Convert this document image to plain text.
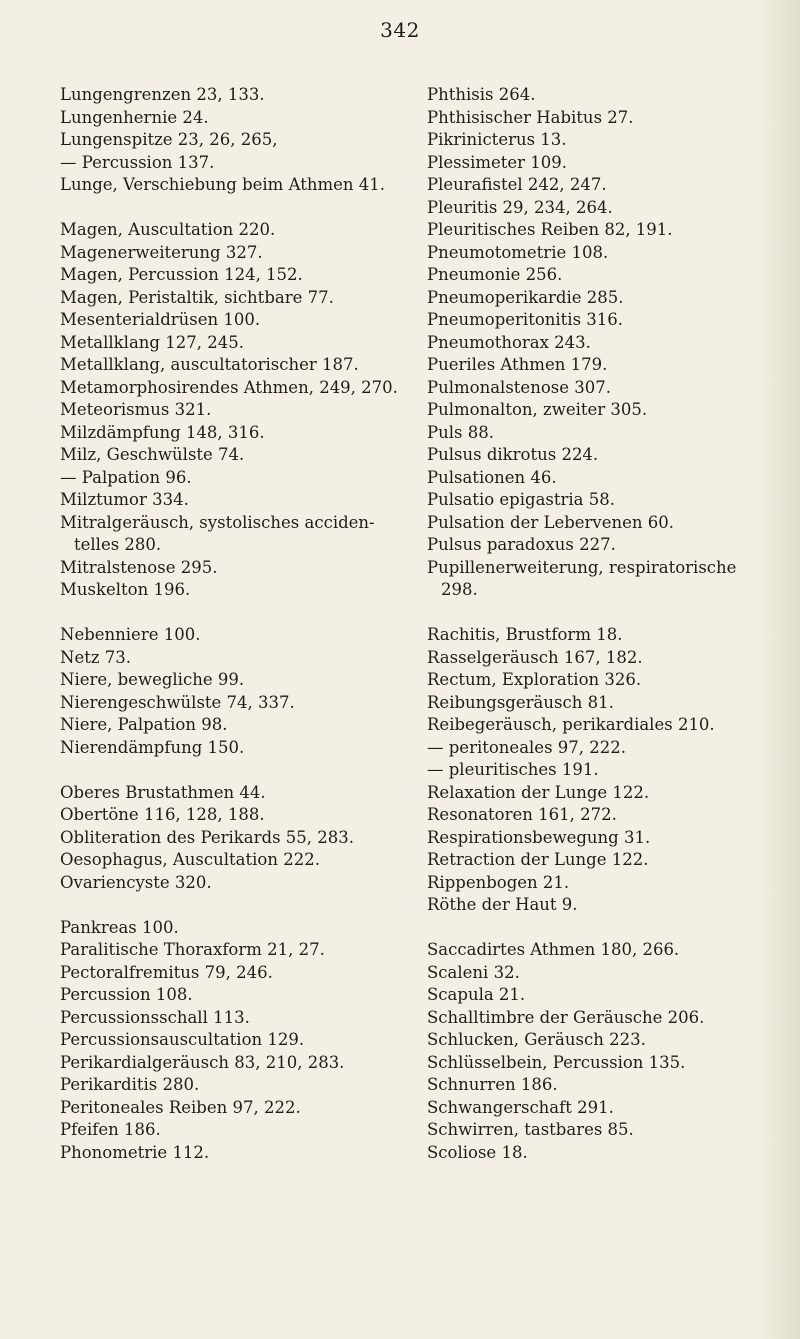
342
Lungengrenzen 23, 133.
Lungenhernie 24.
Lungenspitze 23, 26, 265,
— Percussion 137.
Lunge, Verschiebung beim Athmen 41.
Magen, Auscultation 220.
Magenerweiterung 327.
Magen, Percussion 124, 152.
Magen, Peristaltik, sichtbare 77.
Mesenterialdrüsen 100.
Metallklang 127, 245.
Metallklang, auscultatorischer 187.
Metamorphosirendes Athmen, 249, 270.
Meteorismus 321.
Milzdämpfung 148, 316.
Milz, Geschwülste 74.
— Palpation 96.
Milztumor 334.
Mitralgeräusch, systolisches acciden-
telles 280.
Mitralstenose 295.
Muskelton 196.
Nebenniere 100.
Netz 73.
Niere, bewegliche 99.
Nierengeschwülste 74, 337.
Niere, Palpation 98.
Nierendämpfung 150.
Oberes Brustathmen 44.
Obertöne 116, 128, 188.
Obliteration des Perikards 55, 283.
Oesophagus, Auscultation 222.
Ovariencyste 320.
Pankreas 100.
Paralitische Thoraxform 21, 27.
Pectoralfremitus 79, 246.
Percussion 108.
Percussionsschall 113.
Percussionsauscultation 129.
Perikardialgeräusch 83, 210, 283.
Perikarditis 280.
Peritoneales Reiben 97, 222.
Pfeifen 186.
Phonometrie 112.
Phthisis 264.
Phthisischer Habitus 27.
Pikrinicterus 13.
Plessimeter 109.
Pleurafistel 242, 247.
Pleuritis 29, 234, 264.
Pleuritisches Reiben 82, 191.
Pneumotometrie 108.
Pneumonie 256.
Pneumoperikardie 285.
Pneumoperitonitis 316.
Pneumothorax 243.
Pueriles Athmen 179.
Pulmonalstenose 307.
Pulmonalton, zweiter 305.
Puls 88.
Pulsus dikrotus 224.
Pulsationen 46.
Pulsatio epigastria 58.
Pulsation der Lebervenen 60.
Pulsus paradoxus 227.
Pupillenerweiterung, respiratorische
298.
Rachitis, Brustform 18.
Rasselgeräusch 167, 182.
Rectum, Exploration 326.
Reibungsgeräusch 81.
Reibegeräusch, perikardiales 210.
— peritoneales 97, 222.
— pleuritisches 191.
Relaxation der Lunge 122.
Resonatoren 161, 272.
Respirationsbewegung 31.
Retraction der Lunge 122.
Rippenbogen 21.
Röthe der Haut 9.
Saccadirtes Athmen 180, 266.
Scaleni 32.
Scapula 21.
Schalltimbre der Geräusche 206.
Schlucken, Geräusch 223.
Schlüsselbein, Percussion 135.
Schnurren 186.
Schwangerschaft 291.
Schwirren, tastbares 85.
Scoliose 18.
